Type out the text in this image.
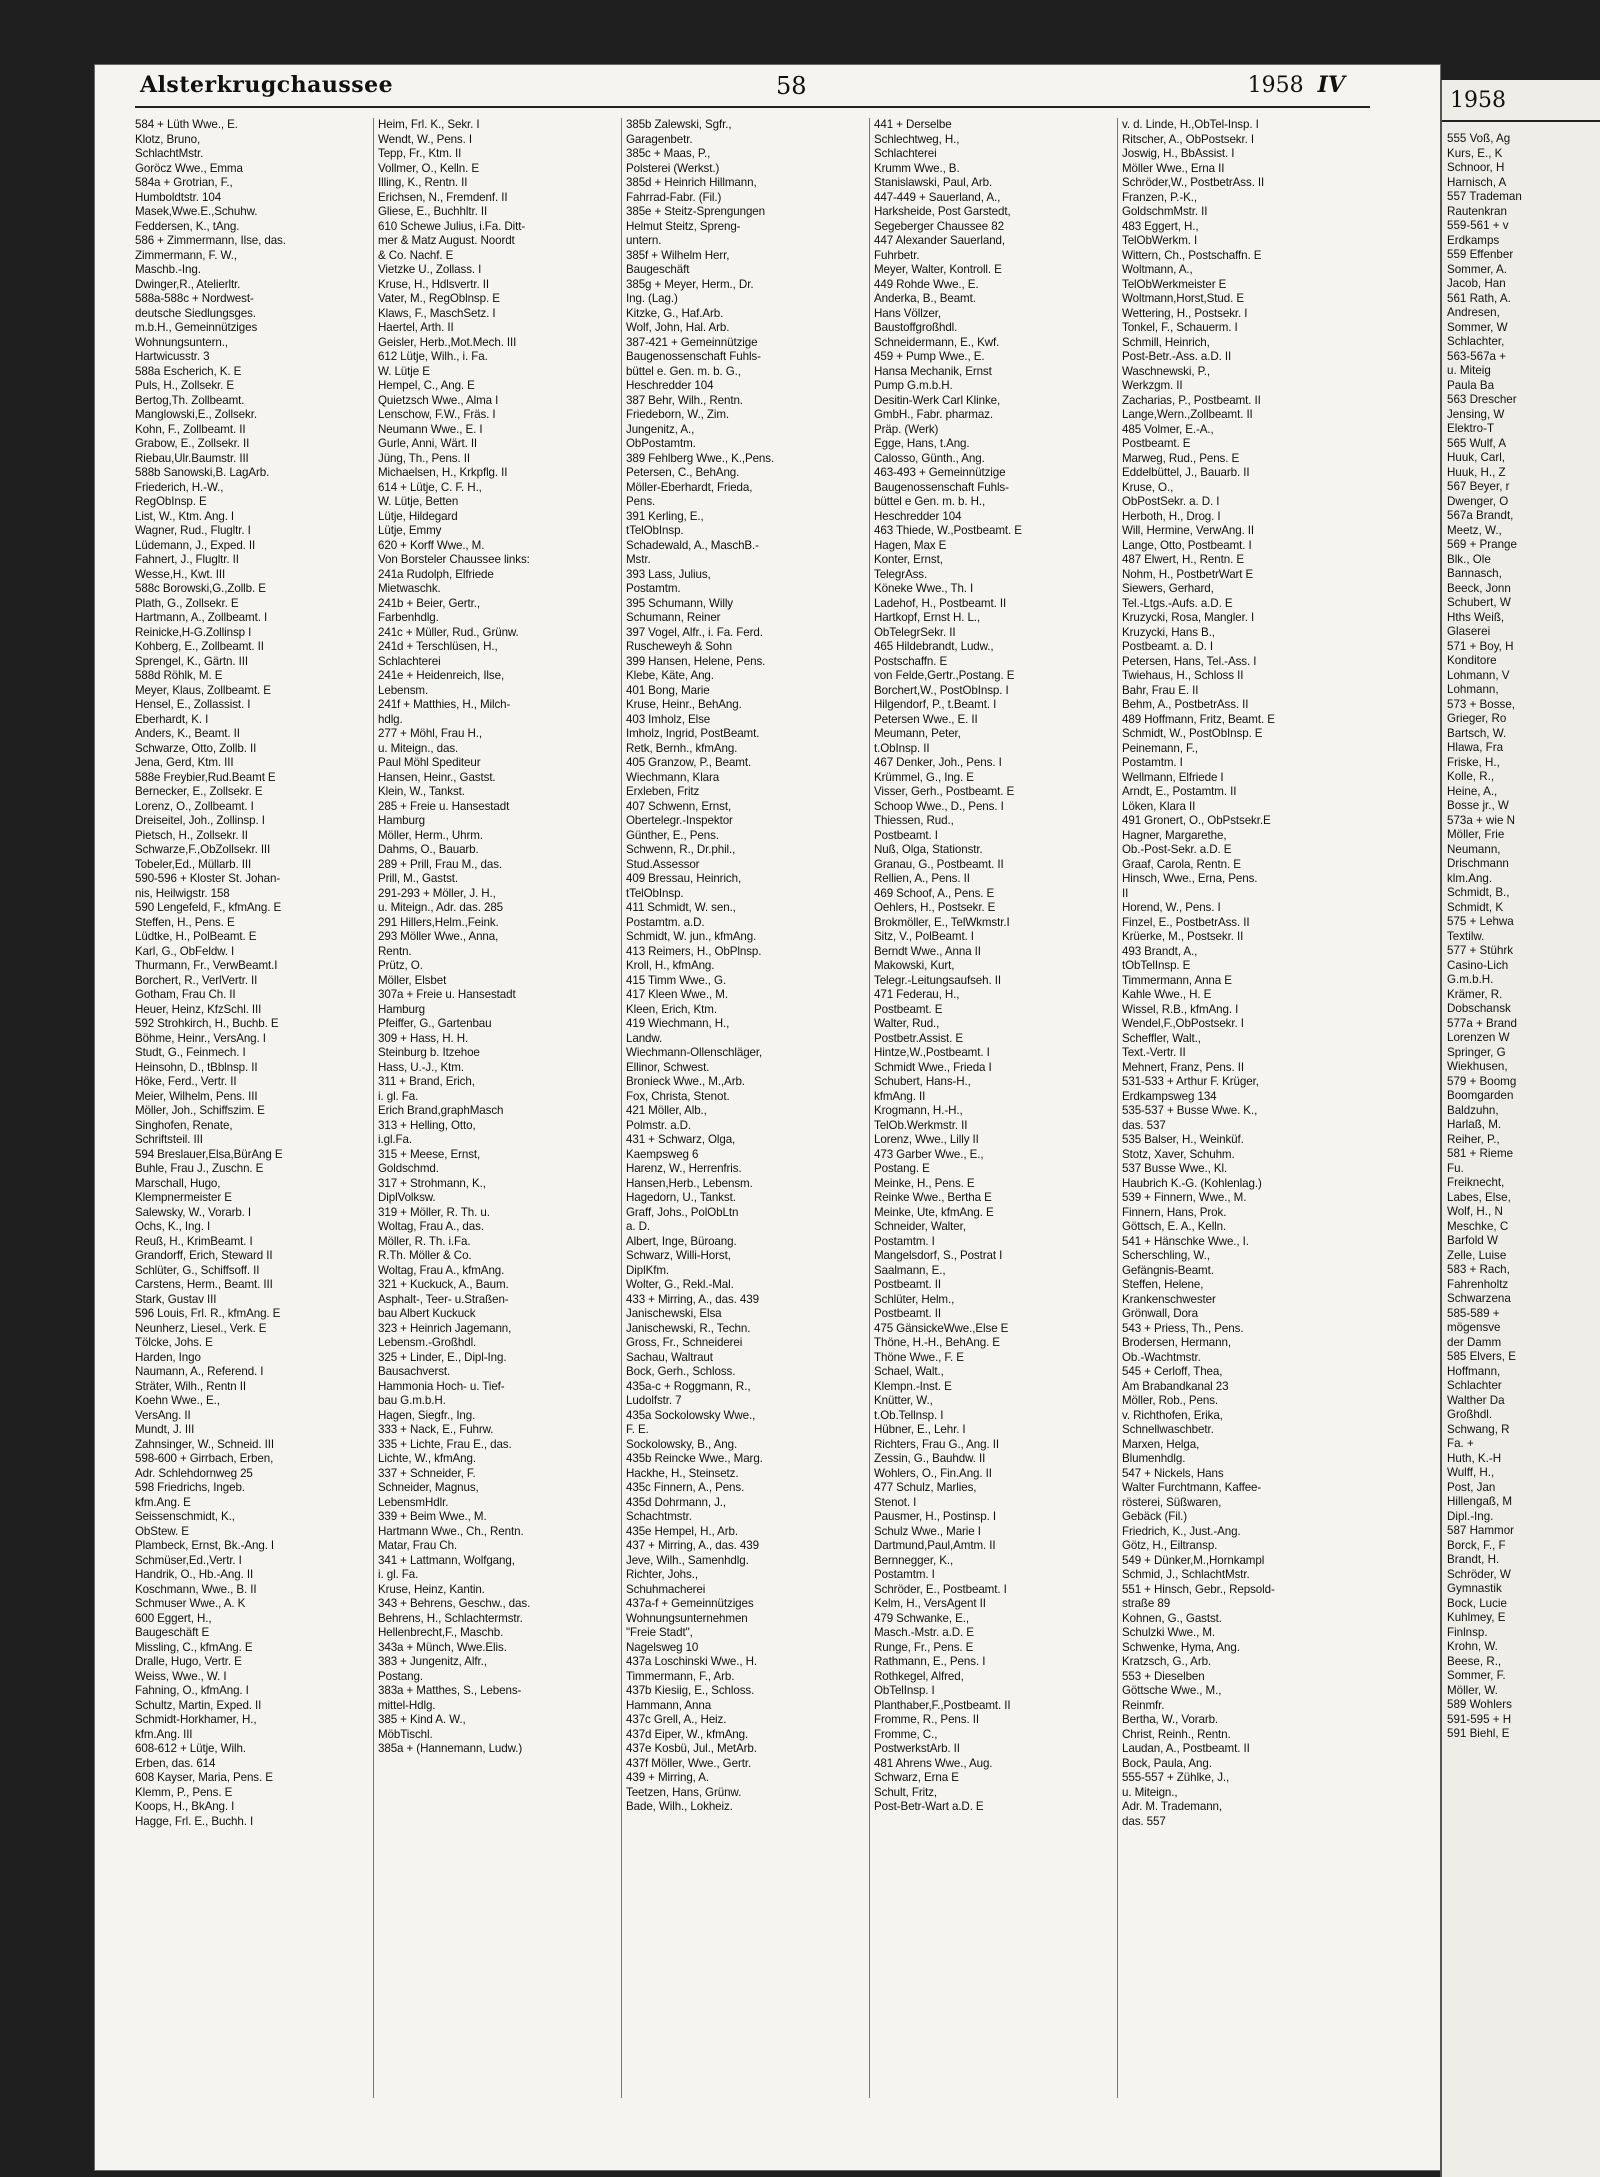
1958
555 Voß, Ag
Kurs, E., K
Schnoor, H
Harnisch, A
557 Trademan
Rautenkran
559-561 + v
Erdkamps
559 Effenber
Sommer, A.
Jacob, Han
561 Rath, A.
Andresen,
Sommer, W
Schlachter,
563-567a +
u. Miteig
Paula Ba
563 Drescher
Jensing, W
Elektro-T
565 Wulf, A
Huuk, Carl,
Huuk, H., Z
567 Beyer, r
Dwenger, O
567a Brandt,
Meetz, W.,
569 + Prange
Blk., Ole
Bannasch,
Beeck, Jonn
Schubert, W
Hths Weiß,
Glaserei
571 + Boy, H
Konditore
Lohmann, V
Lohmann,
573 + Bosse,
Grieger, Ro
Bartsch, W.
Hlawa, Fra
Friske, H.,
Kolle, R.,
Heine, A.,
Bosse jr., W
573a + wie N
Möller, Frie
Neumann,
Drischmann
klm.Ang.
Schmidt, B.,
Schmidt, K
575 + Lehwa
Textilw.
577 + Stührk
Casino-Lich
G.m.b.H.
Krämer, R.
Dobschansk
577a + Brand
Lorenzen W
Springer, G
Wiekhusen,
579 + Boomg
Boomgarden
Baldzuhn,
Harlaß, M.
Reiher, P.,
581 + Rieme
Fu.
Freiknecht,
Labes, Else,
Wolf, H., N
Meschke, C
Barfold W
Zelle, Luise
583 + Rach,
Fahrenholtz
Schwarzena
585-589 +
mögensve
der Damm
585 Elvers, E
Hoffmann,
Schlachter
Walther Da
Großhdl.
Schwang, R
Fa. +
Huth, K.-H
Wulff, H.,
Post, Jan
Hillengaß, M
Dipl.-Ing.
587 Hammor
Borck, F., F
Brandt, H.
Schröder, W
Gymnastik
Bock, Lucie
Kuhlmey, E
Finlnsp.
Krohn, W.
Beese, R.,
Sommer, F.
Möller, W.
589 Wohlers
591-595 + H
591 Biehl, E
Alsterkrugchaussee	58	1958 IV
584 + Lüth Wwe., E.
Klotz, Bruno,
SchlachtMstr.
Goröcz Wwe., Emma
584a + Grotrian, F.,
Humboldtstr. 104
Masek,Wwe.E.,Schuhw.
Feddersen, K., tAng.
586 + Zimmermann, Ilse, das.
Zimmermann, F. W.,
Maschb.-Ing.
Dwinger,R., Atelierltr.
588a-588c + Nordwest-
deutsche Siedlungsges.
m.b.H., Gemeinnütziges
Wohnungsuntern.,
Hartwicusstr. 3
588a Escherich, K. E
Puls, H., Zollsekr. E
Bertog,Th. Zollbeamt.
Manglowski,E., Zollsekr.
Kohn, F., Zollbeamt. II
Grabow, E., Zollsekr. II
Riebau,Ulr.Baumstr. III
588b Sanowski,B. LagArb.
Friederich, H.-W.,
RegObInsp. E
List, W., Ktm. Ang. I
Wagner, Rud., Flugltr. I
Lüdemann, J., Exped. II
Fahnert, J., Flugltr. II
Wesse,H., Kwt. III
588c Borowski,G.,Zollb. E
Plath, G., Zollsekr. E
Hartmann, A., Zollbeamt. I
Reinicke,H-G.Zollinsp I
Kohberg, E., Zollbeamt. II
Sprengel, K., Gärtn. III
588d Röhlk, M. E
Meyer, Klaus, Zollbeamt. E
Hensel, E., Zollassist. I
Eberhardt, K. I
Anders, K., Beamt. II
Schwarze, Otto, Zollb. II
Jena, Gerd, Ktm. III
588e Freybier,Rud.Beamt E
Bernecker, E., Zollsekr. E
Lorenz, O., Zollbeamt. I
Dreiseitel, Joh., Zollinsp. I
Pietsch, H., Zollsekr. II
Schwarze,F.,ObZollsekr. III
Tobeler,Ed., Müllarb. III
590-596 + Kloster St. Johan-
nis, Heilwigstr. 158
590 Lengefeld, F., kfmAng. E
Steffen, H., Pens. E
Lüdtke, H., PolBeamt. E
Karl, G., ObFeldw. I
Thurmann, Fr., VerwBeamt.I
Borchert, R., VerlVertr. II
Gotham, Frau Ch. II
Heuer, Heinz, KfzSchl. III
592 Strohkirch, H., Buchb. E
Böhme, Heinr., VersAng. I
Studt, G., Feinmech. I
Heinsohn, D., tBblnsp. II
Höke, Ferd., Vertr. II
Meier, Wilhelm, Pens. III
Möller, Joh., Schiffszim. E
Singhofen, Renate,
Schriftsteil. III
594 Breslauer,Elsa,BürAng E
Buhle, Frau J., Zuschn. E
Marschall, Hugo,
Klempnermeister E
Salewsky, W., Vorarb. I
Ochs, K., Ing. I
Reuß, H., KrimBeamt. I
Grandorff, Erich, Steward II
Schlüter, G., Schiffsoff. II
Carstens, Herm., Beamt. III
Stark, Gustav III
596 Louis, Frl. R., kfmAng. E
Neunherz, Liesel., Verk. E
Tölcke, Johs. E
Harden, Ingo
Naumann, A., Referend. I
Sträter, Wilh., Rentn II
Koehn Wwe., E.,
VersAng. II
Mundt, J. III
Zahnsinger, W., Schneid. III
598-600 + Girrbach, Erben,
Adr. Schlehdornweg 25
598 Friedrichs, Ingeb.
kfm.Ang. E
Seissenschmidt, K.,
ObStew. E
Plambeck, Ernst, Bk.-Ang. I
Schmüser,Ed.,Vertr. I
Handrik, O., Hb.-Ang. II
Koschmann, Wwe., B. II
Schmuser Wwe., A. K
600 Eggert, H.,
Baugeschäft E
Missling, C., kfmAng. E
Dralle, Hugo, Vertr. E
Weiss, Wwe., W. I
Fahning, O., kfmAng. I
Schultz, Martin, Exped. II
Schmidt-Horkhamer, H.,
kfm.Ang. III
608-612 + Lütje, Wilh.
Erben, das. 614
608 Kayser, Maria, Pens. E
Klemm, P., Pens. E
Koops, H., BkAng. I
Hagge, Frl. E., Buchh. I
Heim, Frl. K., Sekr. I
Wendt, W., Pens. I
Tepp, Fr., Ktm. II
Vollmer, O., Kelln. E
Illing, K., Rentn. II
Erichsen, N., Fremdenf. II
Gliese, E., Buchhltr. II
610 Schewe Julius, i.Fa. Ditt-
mer & Matz August. Noordt
& Co. Nachf. E
Vietzke U., Zollass. I
Kruse, H., Hdlsvertr. II
Vater, M., RegOblnsp. E
Klaws, F., MaschSetz. I
Haertel, Arth. II
Geisler, Herb.,Mot.Mech. III
612 Lütje, Wilh., i. Fa.
W. Lütje E
Hempel, C., Ang. E
Quietzsch Wwe., Alma I
Lenschow, F.W., Fräs. I
Neumann Wwe., E. I
Gurle, Anni, Wärt. II
Jüng, Th., Pens. II
Michaelsen, H., Krkpflg. II
614 + Lütje, C. F. H.,
W. Lütje, Betten
Lütje, Hildegard
Lütje, Emmy
620 + Korff Wwe., M.
Von Borsteler Chaussee links:
241a Rudolph, Elfriede
Mietwaschk.
241b + Beier, Gertr.,
Farbenhdlg.
241c + Müller, Rud., Grünw.
241d + Terschlüsen, H.,
Schlachterei
241e + Heidenreich, Ilse,
Lebensm.
241f + Matthies, H., Milch-
hdlg.
277 + Möhl, Frau H.,
u. Miteign., das.
Paul Möhl Spediteur
Hansen, Heinr., Gastst.
Klein, W., Tankst.
285 + Freie u. Hansestadt
Hamburg
Möller, Herm., Uhrm.
Dahms, O., Bauarb.
289 + Prill, Frau M., das.
Prill, M., Gastst.
291-293 + Möller, J. H.,
u. Miteign., Adr. das. 285
291 Hillers,Helm.,Feink.
293 Möller Wwe., Anna,
Rentn.
Prütz, O.
Möller, Elsbet
307a + Freie u. Hansestadt
Hamburg
Pfeiffer, G., Gartenbau
309 + Hass, H. H.
Steinburg b. Itzehoe
Hass, U.-J., Ktm.
311 + Brand, Erich,
i. gl. Fa.
Erich Brand,graphMasch
313 + Helling, Otto,
i.gl.Fa.
315 + Meese, Ernst,
Goldschmd.
317 + Strohmann, K.,
DiplVolksw.
319 + Möller, R. Th. u.
Woltag, Frau A., das.
Möller, R. Th. i.Fa.
R.Th. Möller & Co.
Woltag, Frau A., kfmAng.
321 + Kuckuck, A., Baum.
Asphalt-, Teer- u.Straßen-
bau Albert Kuckuck
323 + Heinrich Jagemann,
Lebensm.-Großhdl.
325 + Linder, E., Dipl-Ing.
Bausachverst.
Hammonia Hoch- u. Tief-
bau G.m.b.H.
Hagen, Siegfr., Ing.
333 + Nack, E., Fuhrw.
335 + Lichte, Frau E., das.
Lichte, W., kfmAng.
337 + Schneider, F.
Schneider, Magnus,
LebensmHdlr.
339 + Beim Wwe., M.
Hartmann Wwe., Ch., Rentn.
Matar, Frau Ch.
341 + Lattmann, Wolfgang,
i. gl. Fa.
Kruse, Heinz, Kantin.
343 + Behrens, Geschw., das.
Behrens, H., Schlachtermstr.
Hellenbrecht,F., Maschb.
343a + Münch, Wwe.Elis.
383 + Jungenitz, Alfr.,
Postang.
383a + Matthes, S., Lebens-
mittel-Hdlg.
385 + Kind A. W.,
MöbTischl.
385a + (Hannemann, Ludw.)
385b Zalewski, Sgfr.,
Garagenbetr.
385c + Maas, P.,
Polsterei (Werkst.)
385d + Heinrich Hillmann,
Fahrrad-Fabr. (Fil.)
385e + Steitz-Sprengungen
Helmut Steitz, Spreng-
untern.
385f + Wilhelm Herr,
Baugeschäft
385g + Meyer, Herm., Dr.
Ing. (Lag.)
Kitzke, G., Haf.Arb.
Wolf, John, Hal. Arb.
387-421 + Gemeinnützige
Baugenossenschaft Fuhls-
büttel e. Gen. m. b. G.,
Heschredder 104
387 Behr, Wilh., Rentn.
Friedeborn, W., Zim.
Jungenitz, A.,
ObPostamtm.
389 Fehlberg Wwe., K.,Pens.
Petersen, C., BehAng.
Möller-Eberhardt, Frieda,
Pens.
391 Kerling, E.,
tTelObInsp.
Schadewald, A., MaschB.-
Mstr.
393 Lass, Julius,
Postamtm.
395 Schumann, Willy
Schumann, Reiner
397 Vogel, Alfr., i. Fa. Ferd.
Ruscheweyh & Sohn
399 Hansen, Helene, Pens.
Klebe, Käte, Ang.
401 Bong, Marie
Kruse, Heinr., BehAng.
403 Imholz, Else
Imholz, Ingrid, PostBeamt.
Retk, Bernh., kfmAng.
405 Granzow, P., Beamt.
Wiechmann, Klara
Erxleben, Fritz
407 Schwenn, Ernst,
Obertelegr.-Inspektor
Günther, E., Pens.
Schwenn, R., Dr.phil.,
Stud.Assessor
409 Bressau, Heinrich,
tTelObInsp.
411 Schmidt, W. sen.,
Postamtm. a.D.
Schmidt, W. jun., kfmAng.
413 Reimers, H., ObPlnsp.
Kroll, H., kfmAng.
415 Timm Wwe., G.
417 Kleen Wwe., M.
Kleen, Erich, Ktm.
419 Wiechmann, H.,
Landw.
Wiechmann-Ollenschläger,
Ellinor, Schwest.
Bronieck Wwe., M.,Arb.
Fox, Christa, Stenot.
421 Möller, Alb.,
Polmstr. a.D.
431 + Schwarz, Olga,
Kaempsweg 6
Harenz, W., Herrenfris.
Hansen,Herb., Lebensm.
Hagedorn, U., Tankst.
Graff, Johs., PolObLtn
a. D.
Albert, Inge, Büroang.
Schwarz, Willi-Horst,
DiplKfm.
Wolter, G., Rekl.-Mal.
433 + Mirring, A., das. 439
Janischewski, Elsa
Janischewski, R., Techn.
Gross, Fr., Schneiderei
Sachau, Waltraut
Bock, Gerh., Schloss.
435a-c + Roggmann, R.,
Ludolfstr. 7
435a Sockolowsky Wwe.,
F. E.
Sockolowsky, B., Ang.
435b Reincke Wwe., Marg.
Hackhe, H., Steinsetz.
435c Finnern, A., Pens.
435d Dohrmann, J.,
Schachtmstr.
435e Hempel, H., Arb.
437 + Mirring, A., das. 439
Jeve, Wilh., Samenhdlg.
Richter, Johs.,
Schuhmacherei
437a-f + Gemeinnütziges
Wohnungsunternehmen
"Freie Stadt",
Nagelsweg 10
437a Loschinski Wwe., H.
Timmermann, F., Arb.
437b Kiesiig, E., Schloss.
Hammann, Anna
437c Grell, A., Heiz.
437d Eiper, W., kfmAng.
437e Kosbü, Jul., MetArb.
437f Möller, Wwe., Gertr.
439 + Mirring, A.
Teetzen, Hans, Grünw.
Bade, Wilh., Lokheiz.
441 + Derselbe
Schlechtweg, H.,
Schlachterei
Krumm Wwe., B.
Stanislawski, Paul, Arb.
447-449 + Sauerland, A.,
Harksheide, Post Garstedt,
Segeberger Chaussee 82
447 Alexander Sauerland,
Fuhrbetr.
Meyer, Walter, Kontroll. E
449 Rohde Wwe., E.
Anderka, B., Beamt.
Hans Völlzer,
Baustoffgroßhdl.
Schneidermann, E., Kwf.
459 + Pump Wwe., E.
Hansa Mechanik, Ernst
Pump G.m.b.H.
Desitin-Werk Carl Klinke,
GmbH., Fabr. pharmaz.
Präp. (Werk)
Egge, Hans, t.Ang.
Calosso, Günth., Ang.
463-493 + Gemeinnützige
Baugenossenschaft Fuhls-
büttel e Gen. m. b. H.,
Heschredder 104
463 Thiede, W.,Postbeamt. E
Hagen, Max E
Konter, Ernst,
TelegrAss.
Köneke Wwe., Th. I
Ladehof, H., Postbeamt. II
Hartkopf, Ernst H. L.,
ObTelegrSekr. II
465 Hildebrandt, Ludw.,
Postschaffn. E
von Felde,Gertr.,Postang. E
Borchert,W., PostObInsp. I
Hilgendorf, P., t.Beamt. I
Petersen Wwe., E. II
Meumann, Peter,
t.ObInsp. II
467 Denker, Joh., Pens. I
Krümmel, G., Ing. E
Visser, Gerh., Postbeamt. E
Schoop Wwe., D., Pens. I
Thiessen, Rud.,
Postbeamt. I
Nuß, Olga, Stationstr.
Granau, G., Postbeamt. II
Rellien, A., Pens. II
469 Schoof, A., Pens. E
Oehlers, H., Postsekr. E
Brokmöller, E., TelWkmstr.I
Sitz, V., PolBeamt. I
Berndt Wwe., Anna II
Makowski, Kurt,
Telegr.-Leitungsaufseh. II
471 Federau, H.,
Postbeamt. E
Walter, Rud.,
Postbetr.Assist. E
Hintze,W.,Postbeamt. I
Schmidt Wwe., Frieda I
Schubert, Hans-H.,
kfmAng. II
Krogmann, H.-H.,
TelOb.Werkmstr. II
Lorenz, Wwe., Lilly II
473 Garber Wwe., E.,
Postang. E
Meinke, H., Pens. E
Reinke Wwe., Bertha E
Meinke, Ute, kfmAng. E
Schneider, Walter,
Postamtm. I
Mangelsdorf, S., Postrat I
Saalmann, E.,
Postbeamt. II
Schlüter, Helm.,
Postbeamt. II
475 GänsickeWwe.,Else E
Thöne, H.-H., BehAng. E
Thöne Wwe., F. E
Schael, Walt.,
Klempn.-Inst. E
Knütter, W.,
t.Ob.Tellnsp. I
Hübner, E., Lehr. I
Richters, Frau G., Ang. II
Zessin, G., Bauhdw. II
Wohlers, O., Fin.Ang. II
477 Schulz, Marlies,
Stenot. I
Pausmer, H., Postinsp. I
Schulz Wwe., Marie I
Dartmund,Paul,Amtm. II
Bernnegger, K.,
Postamtm. I
Schröder, E., Postbeamt. I
Kelm, H., VersAgent II
479 Schwanke, E.,
Masch.-Mstr. a.D. E
Runge, Fr., Pens. E
Rathmann, E., Pens. I
Rothkegel, Alfred,
ObTelInsp. I
Planthaber,F.,Postbeamt. II
Fromme, R., Pens. II
Fromme, C.,
PostwerkstArb. II
481 Ahrens Wwe., Aug.
Schwarz, Erna E
Schult, Fritz,
Post-Betr-Wart a.D. E
v. d. Linde, H.,ObTel-Insp. I
Ritscher, A., ObPostsekr. I
Joswig, H., BbAssist. I
Möller Wwe., Erna II
Schröder,W., PostbetrAss. II
Franzen, P.-K.,
GoldschmMstr. II
483 Eggert, H.,
TelObWerkm. I
Wittern, Ch., Postschaffn. E
Woltmann, A.,
TelObWerkmeister E
Woltmann,Horst,Stud. E
Wettering, H., Postsekr. I
Tonkel, F., Schauerm. I
Schmill, Heinrich,
Post-Betr.-Ass. a.D. II
Waschnewski, P.,
Werkzgm. II
Zacharias, P., Postbeamt. II
Lange,Wern.,Zollbeamt. II
485 Volmer, E.-A.,
Postbeamt. E
Marweg, Rud., Pens. E
Eddelbüttel, J., Bauarb. II
Kruse, O.,
ObPostSekr. a. D. I
Herboth, H., Drog. I
Will, Hermine, VerwAng. II
Lange, Otto, Postbeamt. I
487 Elwert, H., Rentn. E
Nohm, H., PostbetrWart E
Siewers, Gerhard,
Tel.-Ltgs.-Aufs. a.D. E
Kruzycki, Rosa, Mangler. I
Kruzycki, Hans B.,
Postbeamt. a. D. I
Petersen, Hans, Tel.-Ass. I
Twiehaus, H., Schloss II
Bahr, Frau E. II
Behm, A., PostbetrAss. II
489 Hoffmann, Fritz, Beamt. E
Schmidt, W., PostObInsp. E
Peinemann, F.,
Postamtm. I
Wellmann, Elfriede I
Arndt, E., Postamtm. II
Löken, Klara II
491 Gronert, O., ObPstsekr.E
Hagner, Margarethe,
Ob.-Post-Sekr. a.D. E
Graaf, Carola, Rentn. E
Hinsch, Wwe., Erna, Pens.
II
Horend, W., Pens. I
Finzel, E., PostbetrAss. II
Krüerke, M., Postsekr. II
493 Brandt, A.,
tObTelInsp. E
Timmermann, Anna E
Kahle Wwe., H. E
Wissel, R.B., kfmAng. I
Wendel,F.,ObPostsekr. I
Scheffler, Walt.,
Text.-Vertr. II
Mehnert, Franz, Pens. II
531-533 + Arthur F. Krüger,
Erdkampsweg 134
535-537 + Busse Wwe. K.,
das. 537
535 Balser, H., Weinküf.
Stotz, Xaver, Schuhm.
537 Busse Wwe., Kl.
Haubrich K.-G. (Kohlenlag.)
539 + Finnern, Wwe., M.
Finnern, Hans, Prok.
Göttsch, E. A., Kelln.
541 + Hänschke Wwe., I.
Scherschling, W.,
Gefängnis-Beamt.
Steffen, Helene,
Krankenschwester
Grönwall, Dora
543 + Priess, Th., Pens.
Brodersen, Hermann,
Ob.-Wachtmstr.
545 + Cerloff, Thea,
Am Brabandkanal 23
Möller, Rob., Pens.
v. Richthofen, Erika,
Schnellwaschbetr.
Marxen, Helga,
Blumenhdlg.
547 + Nickels, Hans
Walter Furchtmann, Kaffee-
rösterei, Süßwaren,
Gebäck (Fil.)
Friedrich, K., Just.-Ang.
Götz, H., Eiltransp.
549 + Dünker,M.,Hornkampl
Schmid, J., SchlachtMstr.
551 + Hinsch, Gebr., Repsold-
straße 89
Kohnen, G., Gastst.
Schulzki Wwe., M.
Schwenke, Hyma, Ang.
Kratzsch, G., Arb.
553 + Dieselben
Göttsche Wwe., M.,
Reinmfr.
Bertha, W., Vorarb.
Christ, Reinh., Rentn.
Laudan, A., Postbeamt. II
Bock, Paula, Ang.
555-557 + Zühlke, J.,
u. Miteign.,
Adr. M. Trademann,
das. 557
